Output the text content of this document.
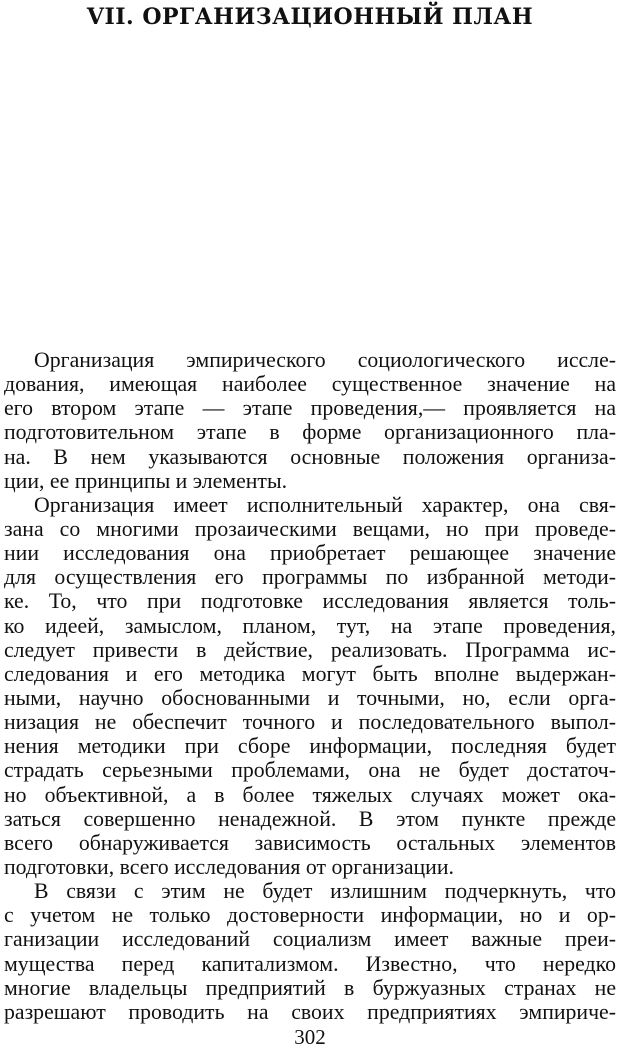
VII. ОРГАНИЗАЦИОННЫЙ ПЛАН
Организация эмпирического социологического иссле-
дования, имеющая наиболее существенное значение на
его втором этапе — этапе проведения,— проявляется на
подготовительном этапе в форме организационного пла-
на. В нем указываются основные положения организа-
ции, ее принципы и элементы.
Организация имеет исполнительный характер, она свя-
зана со многими прозаическими вещами, но при проведе-
нии исследования она приобретает решающее значение
для осуществления его программы по избранной методи-
ке. То, что при подготовке исследования является толь-
ко идеей, замыслом, планом, тут, на этапе проведения,
следует привести в действие, реализовать. Программа ис-
следования и его методика могут быть вполне выдержан-
ными, научно обоснованными и точными, но, если орга-
низация не обеспечит точного и последовательного выпол-
нения методики при сборе информации, последняя будет
страдать серьезными проблемами, она не будет достаточ-
но объективной, а в более тяжелых случаях может ока-
заться совершенно ненадежной. В этом пункте прежде
всего обнаруживается зависимость остальных элементов
подготовки, всего исследования от организации.
В связи с этим не будет излишним подчеркнуть, что
с учетом не только достоверности информации, но и ор-
ганизации исследований социализм имеет важные преи-
мущества перед капитализмом. Известно, что нередко
многие владельцы предприятий в буржуазных странах не
разрешают проводить на своих предприятиях эмпириче-
302
